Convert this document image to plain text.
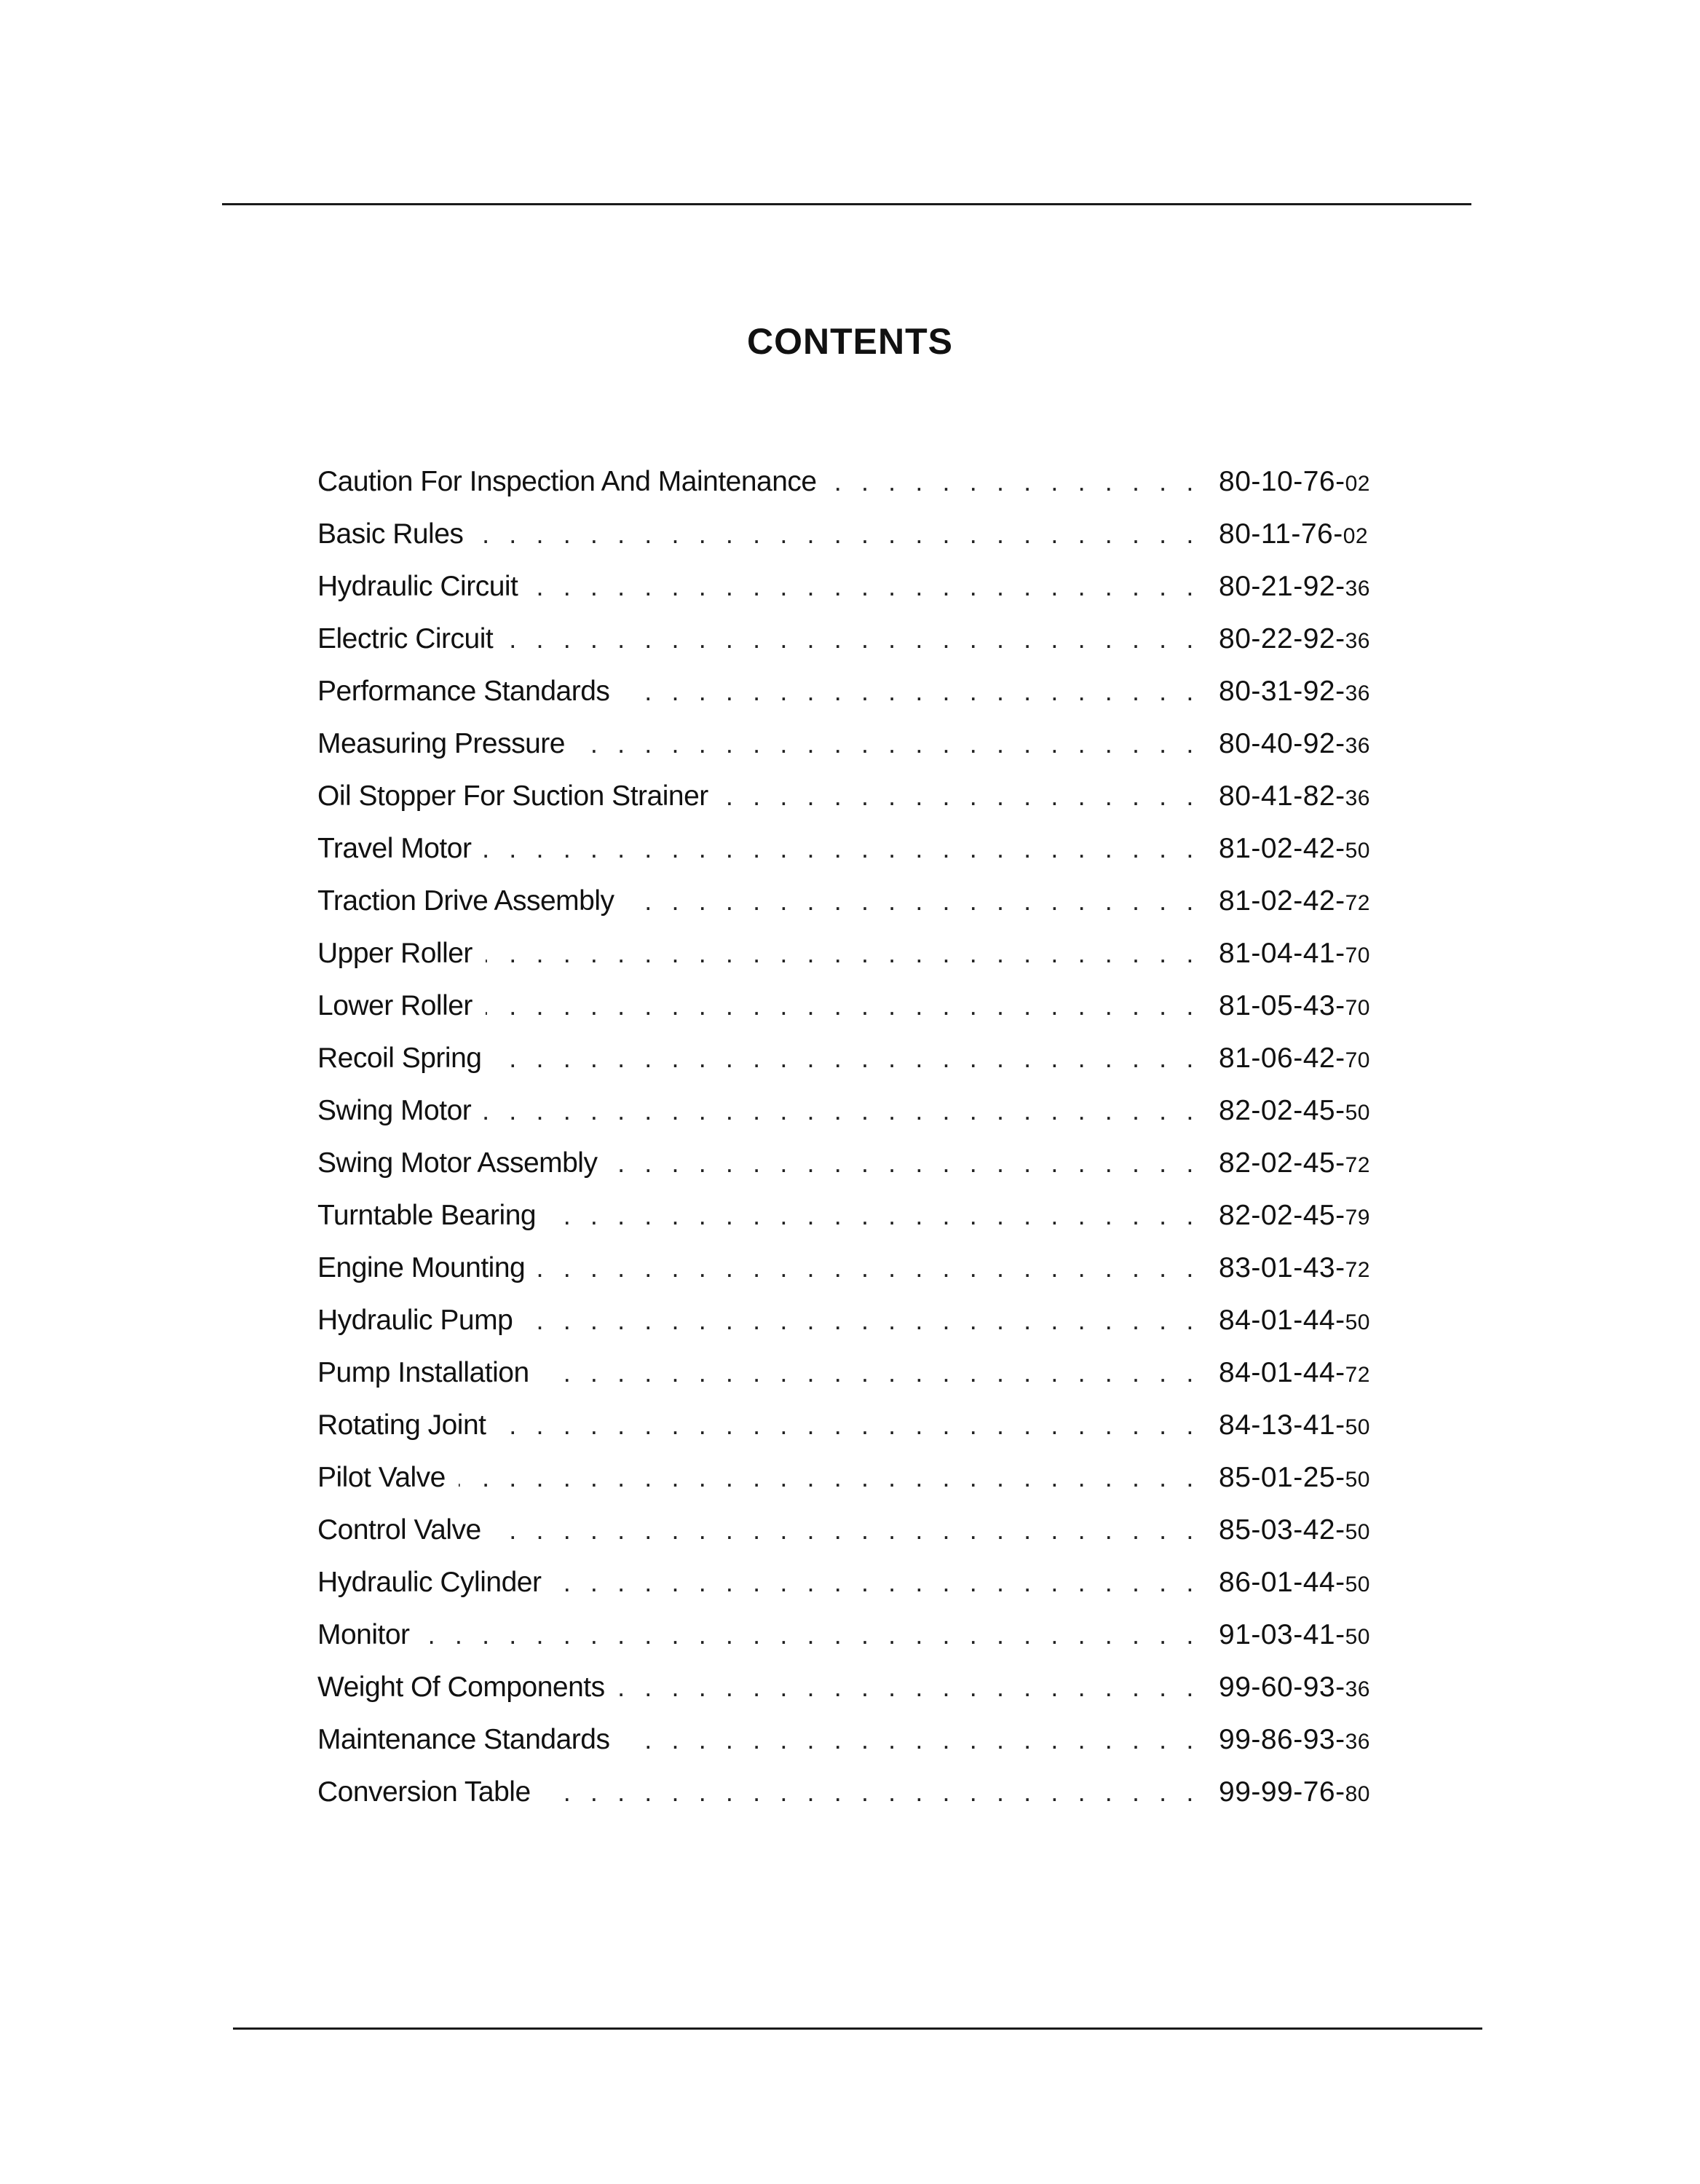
CONTENTS
Caution For Inspection And Maintenance . . .	80-10-76-02
Basic Rules . . .	80-11-76-02
Hydraulic Circuit . . .	80-21-92-36
Electric Circuit . . .	80-22-92-36
Performance Standards . . .	80-31-92-36
Measuring Pressure . . .	80-40-92-36
Oil Stopper For Suction Strainer . . .	80-41-82-36
Travel Motor . . .	81-02-42-50
Traction Drive Assembly . . .	81-02-42-72
Upper Roller . . .	81-04-41-70
Lower Roller . . .	81-05-43-70
Recoil Spring . . .	81-06-42-70
Swing Motor . . .	82-02-45-50
Swing Motor Assembly . . .	82-02-45-72
Turntable Bearing . . .	82-02-45-79
Engine Mounting . . .	83-01-43-72
Hydraulic Pump . . .	84-01-44-50
Pump Installation . . .	84-01-44-72
Rotating Joint . . .	84-13-41-50
Pilot Valve . . .	85-01-25-50
Control Valve . . .	85-03-42-50
Hydraulic Cylinder . . .	86-01-44-50
Monitor . . .	91-03-41-50
Weight Of Components . . .	99-60-93-36
Maintenance Standards . . .	99-86-93-36
Conversion Table . . .	99-99-76-80
